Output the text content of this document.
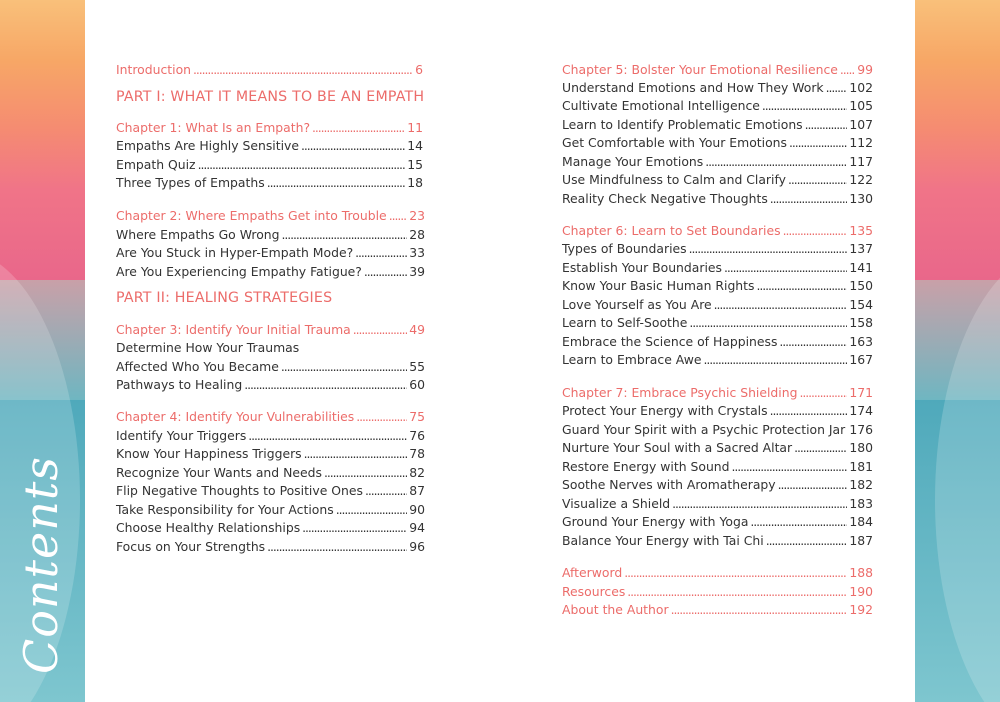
Contents
Introduction . . .	6
PART I: WHAT IT MEANS TO BE AN EMPATH
Chapter 1: What Is an Empath? . . .	11
Empaths Are Highly Sensitive . . .	14
Empath Quiz . . .	15
Three Types of Empaths . . .	18
Chapter 2: Where Empaths Get into Trouble . . . 23
Where Empaths Go Wrong . . .	28
Are You Stuck in Hyper-Empath Mode? . . .	33
Are You Experiencing Empathy Fatigue? . . .	39
PART II: HEALING STRATEGIES
Chapter 3: Identify Your Initial Trauma . . .	49
Determine How Your Traumas
Affected Who You Became . . .	55
Pathways to Healing . . .	60
Chapter 4: Identify Your Vulnerabilities . . .	75
Identify Your Triggers . . .	76
Know Your Happiness Triggers . . .	78
Recognize Your Wants and Needs . . .	82
Flip Negative Thoughts to Positive Ones . . .	87
Take Responsibility for Your Actions . . .	90
Choose Healthy Relationships . . .	94
Focus on Your Strengths . . .	96
Chapter 5: Bolster Your Emotional Resilience . . . 99
Understand Emotions and How They Work . . . 102
Cultivate Emotional Intelligence . . .	105
Learn to Identify Problematic Emotions . . .	107
Get Comfortable with Your Emotions . . .	112
Manage Your Emotions . . .	117
Use Mindfulness to Calm and Clarify . . .	122
Reality Check Negative Thoughts . . .	130
Chapter 6: Learn to Set Boundaries . . .	135
Types of Boundaries . . .	137
Establish Your Boundaries . . .	141
Know Your Basic Human Rights . . .	150
Love Yourself as You Are . . .	154
Learn to Self-Soothe . . .	158
Embrace the Science of Happiness . . .	163
Learn to Embrace Awe . . .	167
Chapter 7: Embrace Psychic Shielding . . .	171
Protect Your Energy with Crystals . . .	174
Guard Your Spirit with a Psychic Protection Jar . . . 176
Nurture Your Soul with a Sacred Altar . . .	180
Restore Energy with Sound . . .	181
Soothe Nerves with Aromatherapy . . .	182
Visualize a Shield . . .	183
Ground Your Energy with Yoga . . .	184
Balance Your Energy with Tai Chi . . .	187
Afterword . . .	188
Resources . . .	190
About the Author . . .	192
